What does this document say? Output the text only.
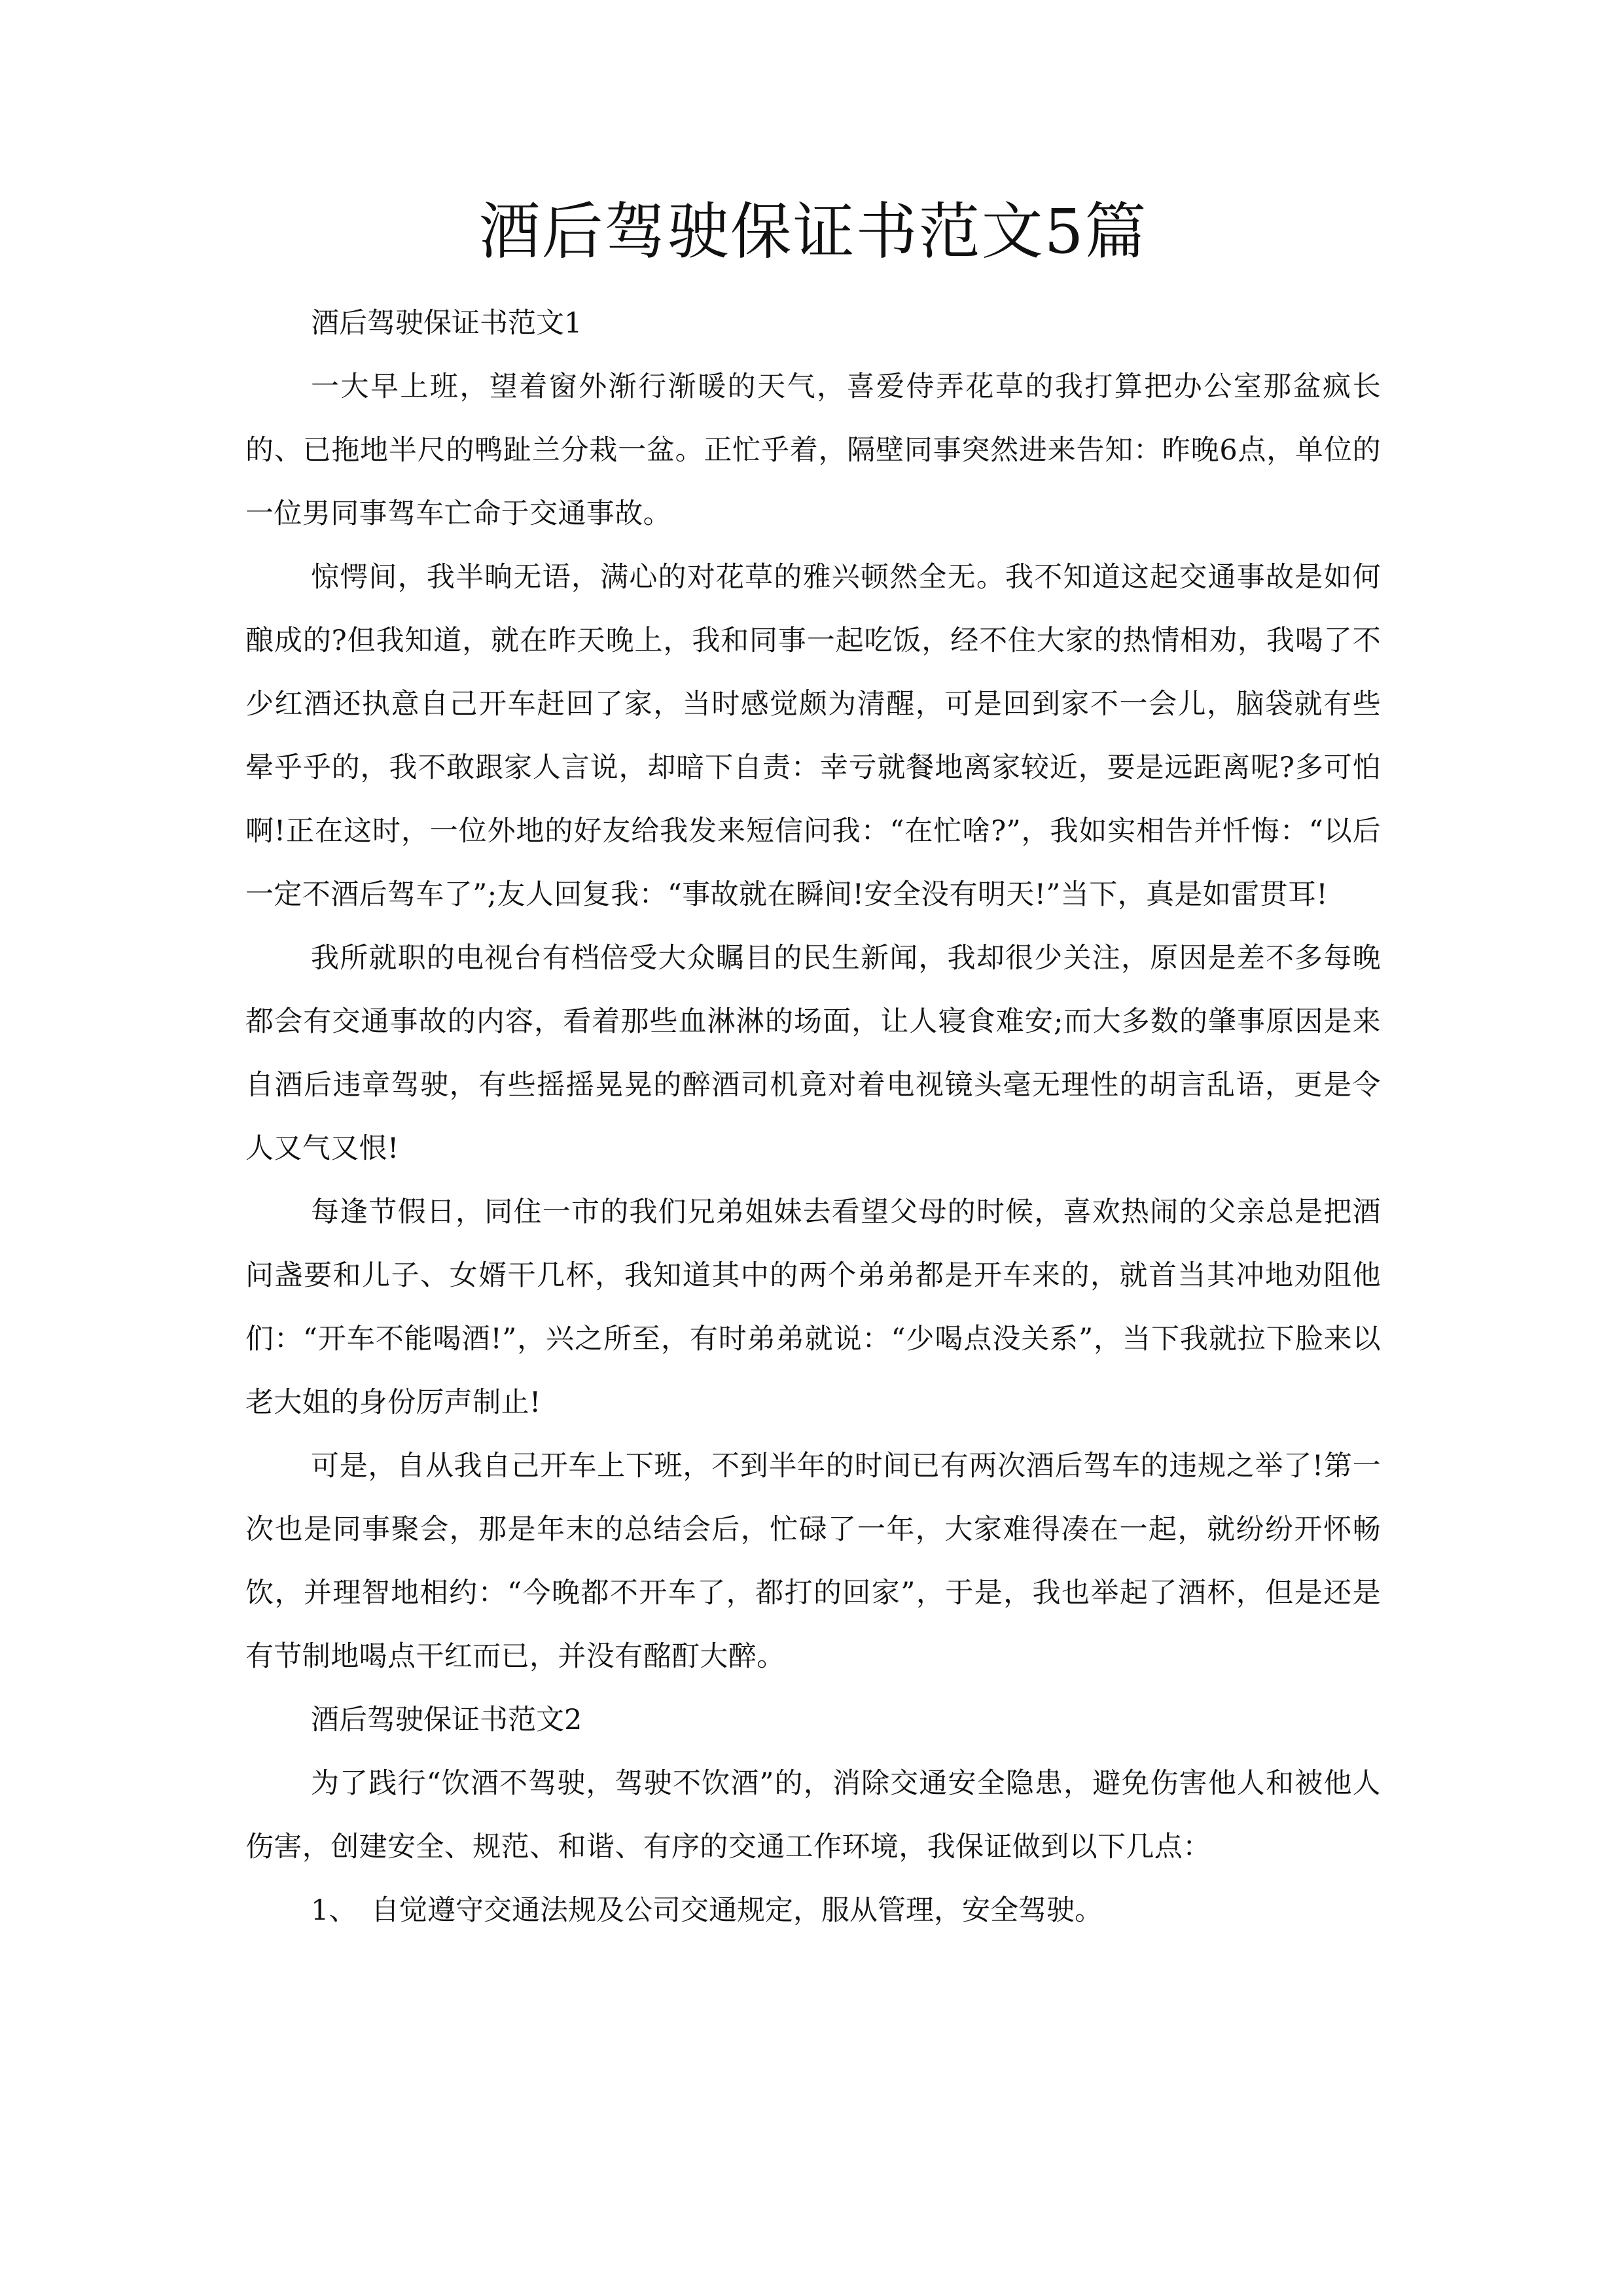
酒后驾驶保证书范文5篇

酒后驾驶保证书范文1

一大早上班，望着窗外渐行渐暖的天气，喜爱侍弄花草的我打算把办公室那盆疯长的、已拖地半尺的鸭趾兰分栽一盆。正忙乎着，隔壁同事突然进来告知：昨晚6点，单位的一位男同事驾车亡命于交通事故。

惊愕间，我半晌无语，满心的对花草的雅兴顿然全无。我不知道这起交通事故是如何酿成的?但我知道，就在昨天晚上，我和同事一起吃饭，经不住大家的热情相劝，我喝了不少红酒还执意自己开车赶回了家，当时感觉颇为清醒，可是回到家不一会儿，脑袋就有些晕乎乎的，我不敢跟家人言说，却暗下自责：幸亏就餐地离家较近，要是远距离呢?多可怕啊!正在这时，一位外地的好友给我发来短信问我：“在忙啥?”，我如实相告并忏悔：“以后一定不酒后驾车了”;友人回复我：“事故就在瞬间!安全没有明天!”当下，真是如雷贯耳!

我所就职的电视台有档倍受大众瞩目的民生新闻，我却很少关注，原因是差不多每晚都会有交通事故的内容，看着那些血淋淋的场面，让人寝食难安;而大多数的肇事原因是来自酒后违章驾驶，有些摇摇晃晃的醉酒司机竟对着电视镜头毫无理性的胡言乱语，更是令人又气又恨!

每逢节假日，同住一市的我们兄弟姐妹去看望父母的时候，喜欢热闹的父亲总是把酒问盏要和儿子、女婿干几杯，我知道其中的两个弟弟都是开车来的，就首当其冲地劝阻他们：“开车不能喝酒!”，兴之所至，有时弟弟就说：“少喝点没关系”，当下我就拉下脸来以老大姐的身份厉声制止!

可是，自从我自己开车上下班，不到半年的时间已有两次酒后驾车的违规之举了!第一次也是同事聚会，那是年末的总结会后，忙碌了一年，大家难得凑在一起，就纷纷开怀畅饮，并理智地相约：“今晚都不开车了，都打的回家”，于是，我也举起了酒杯，但是还是有节制地喝点干红而已，并没有酩酊大醉。

酒后驾驶保证书范文2

为了践行“饮酒不驾驶，驾驶不饮酒”的，消除交通安全隐患，避免伤害他人和被他人伤害，创建安全、规范、和谐、有序的交通工作环境，我保证做到以下几点：

1、 自觉遵守交通法规及公司交通规定，服从管理，安全驾驶。
